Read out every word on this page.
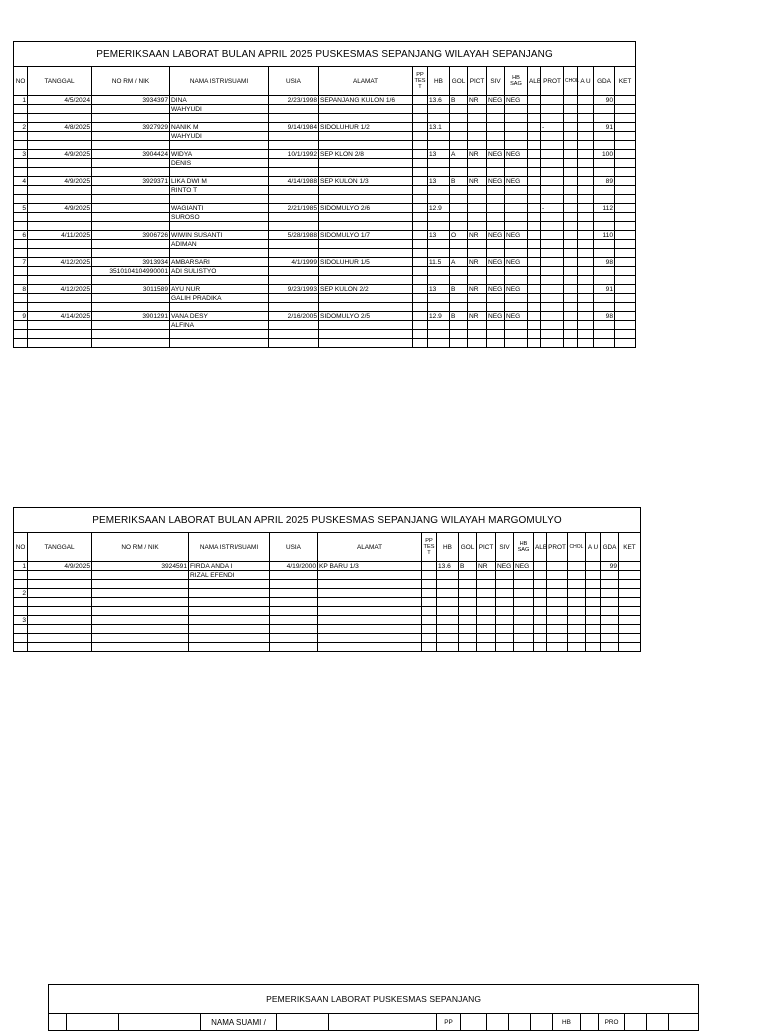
PEMERIKSAAN LABORAT BULAN APRIL 2025 PUSKESMAS SEPANJANG WILAYAH SEPANJANG																	
NO	TANGGAL	NO RM / NIK	NAMA ISTRI/SUAMI	USIA	ALAMAT	PP TES T	HB	GOL	PICT	SIV	HB SAG	ALB	PROT	CHOL	A U	GDA	KET
1	4/5/2024	3934397	DINA	2/23/1998	SEPANJANG KULON 1/6		13.6	B	NR	NEG	NEG					90	
			WAHYUDI														

2	4/8/2025	3927929	NANIK M	9/14/1984	SIDOLUHUR 1/2		13.1						-			91	
			WAHYUDI														

3	4/9/2025	3904424	WIDYA	10/1/1992	SEP KLON 2/8		13	A	NR	NEG	NEG					100	
			DENIS														

4	4/9/2025	3929371	LIKA DWI M	4/14/1988	SEP KULON 1/3		13	B	NR	NEG	NEG					89	
			RINTO T														

5	4/9/2025		WAGIANTI	2/21/1985	SIDOMULYO 2/6		12.9						-			112	
			SUROSO														

6	4/11/2025	3906726	WIWIN SUSANTI	5/28/1988	SIDOMULYO 1/7		13	O	NR	NEG	NEG					110	
			ADIMAN														

7	4/12/2025	3913934	AMBARSARI	4/1/1999	SIDOLUHUR 1/5		11.5	A	NR	NEG	NEG					98	
		3510104104990001	ADI SULISTYO														

8	4/12/2025	3011589	AYU NUR	9/23/1993	SEP KULON 2/2		13	B	NR	NEG	NEG					91	
			GALIH PRADIKA														

9	4/14/2025	3901291	VANA DESY	2/16/2005	SIDOMULYO 2/5		12.9	B	NR	NEG	NEG					98	
			ALFINA														

PEMERIKSAAN LABORAT BULAN APRIL 2025 PUSKESMAS SEPANJANG WILAYAH MARGOMULYO																	
NO	TANGGAL	NO RM / NIK	NAMA ISTRI/SUAMI	USIA	ALAMAT	PP TES T	HB	GOL	PICT	SIV	HB SAG	ALB	PROT	CHOL	A U	GDA	KET
1	4/9/2025	3924591	FIRDA ANDA I	4/19/2000	KP BARU 1/3		13.6	B	NR	NEG	NEG					99	
			RIZAL EFENDI														

2																	

3																	

PEMERIKSAAN LABORAT PUSKESMAS SEPANJANG
			NAMA SUAMI /			PP					HB		PRO			
